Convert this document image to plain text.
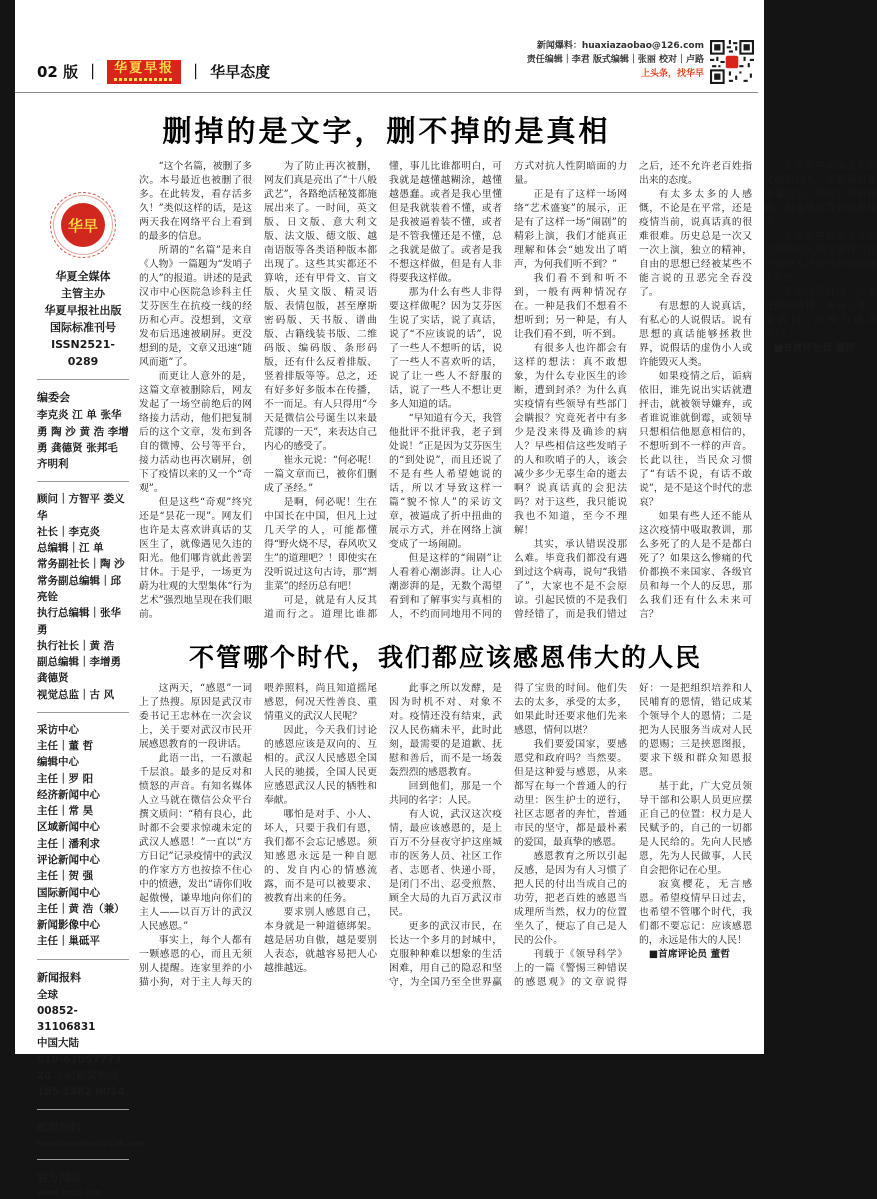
02 版 ｜	华夏早报 ｜ 华早态度
新闻爆料：huaxiazaobao@126.com
责任编辑｜李君 版式编辑｜张丽 校对｜卢路
上头条，找华早
删掉的是文字，删不掉的是真相
华早
华夏全媒体
主管主办
华夏早报社出版
国际标准刊号
ISSN2521-0289
编委会
李克炎 江 单 张华勇 陶 沙 黄 浩 李增勇 龚德贤 张邦毛 齐明利
顾问｜方智平 娄义华
社长｜李克炎
总编辑｜江 单
常务副社长｜陶 沙
常务副总编辑｜邱亮铨
执行总编辑｜张华勇
执行社长｜黄 浩
副总编辑｜李增勇 龚德贤
视觉总监｜古 风
采访中心
主任｜董 哲
编辑中心
主任｜罗 阳
经济新闻中心
主任｜常 昊
区域新闻中心
主任｜潘利求
评论新闻中心
主任｜贺 强
国际新闻中心
主任｜黄 浩（兼）
新闻影像中心
主任｜巢砥平
新闻报料
全球
00852-31106831
中国大陆
010-61057773
24 小时新闻热线
185 1382 0014
邮箱报料
huaxiazaobao@126.com
官方网站
www.hxzb.org

“这个名篇，被删了多次。本号最近也被删了很多。在此转发，看存活多久！”类似这样的话，是这两天我在网络平台上看到的最多的信息。

所谓的“名篇”是来自《人物》一篇题为“发哨子的人”的报道。讲述的是武汉市中心医院急诊科主任艾芬医生在抗疫一线的经历和心声。没想到，文章发布后迅速被刷屏。更没想到的是，文章又迅速“随风而逝”了。

而更让人意外的是，这篇文章被删除后，网友发起了一场空前绝后的网络接力活动，他们把复制后的这个文章，发布到各自的微博、公号等平台，接力活动也再次刷屏，创下了疫情以来的又一个“奇观”。

但是这些“奇观”终究还是“昙花一现”。网友们也许是太喜欢讲真话的艾医生了，就像遇见久违的阳光。他们哪肯就此善罢甘休。于是乎，一场更为蔚为壮观的大型集体“行为艺术”强烈地呈现在我们眼前。

为了防止再次被删，网友们真是亮出了“十八般武艺”，各路绝活秘笈都施展出来了。一时间，英文版、日文版、意大利文版、法文版、德文版、越南语版等各类语种版本都出现了。这些其实都还不算啥，还有甲骨文、盲文版、火星文版、精灵语版、表情包版，甚至摩斯密码版、天书版、谱曲版、古籍线装书版、二维码版、编码版、条形码版，还有什么反着排版、竖着排版等等。总之，还有好多好多版本在传播，不一而足。有人只得用“今天是微信公号诞生以来最荒谬的一天”，来表达自己内心的感受了。

崔永元说：“何必呢！一篇文章而已，被你们删成了圣经。”

是啊，何必呢！生在中国长在中国，但凡上过几天学的人，可能都懂得“野火烧不尽，春风吹又生”的道理吧？！即使实在没听说过这句古诗，那“割韭菜”的经历总有吧！

可是，就是有人反其道而行之。道理比谁都懂，事儿比谁都明白，可我就是越懂越糊涂，越懂越愚蠢。或者是我心里懂但是我就装着不懂，或者是我被逼着装不懂，或者是不管我懂还是不懂，总之我就是做了。或者是我不想这样做，但是有人非得要我这样做。

那为什么有些人非得要这样做呢？因为艾芬医生说了实话，说了真话，说了“不应该说的话”，说了一些人不想听的话，说了一些人不喜欢听的话，说了让一些人不舒服的话，说了一些人不想让更多人知道的话。

“早知道有今天，我管他批评不批评我，老子到处说！”正是因为艾芬医生的“到处说”，而且还说了不是有些人希望她说的话，所以才导致这样一篇“貌不惊人”的采访文章，被逼成了折中扭曲的展示方式，并在网络上演变成了一场闹剧。

但是这样的“闹剧”让人看着心潮澎湃。让人心潮澎湃的是，无数个渴望看到和了解事实与真相的人，不约而同地用不同的方式对抗人性阴暗面的力量。

正是有了这样一场网络“艺术盛宴”的展示，正是有了这样一场“闹剧”的精彩上演，我们才能真正理解和体会“她发出了哨声，为何我们听不到？”

我们看不到和听不到，一般有两种情况存在。一种是我们不想看不想听到；另一种是，有人让我们看不到，听不到。

有很多人也许都会有这样的想法：真不敢想象，为什么专业医生的诊断，遭到封杀？为什么真实疫情有些领导有些部门会瞒报？究竟死者中有多少是没来得及确诊的病人？早些相信这些发哨子的人和吹哨子的人，该会减少多少无辜生命的逝去啊？说真话真的会犯法吗？对于这些，我只能说我也不知道，至今不理解！

其实，承认错误没那么难。毕竟我们都没有遇到过这个病毒，说句“我错了”，大家也不是不会原谅。引起民愤的不是我们曾经错了，而是我们错过之后，还不允许老百姓指出来的态度。

有太多太多的人感慨，不论是在平常，还是疫情当前，说真话真的很难很难。历史总是一次又一次上演，独立的精神，自由的思想已经被某些不能言说的丑恶完全吞没了。

有思想的人说真话，有私心的人说假话。说有思想的真话能够拯救世界，说假话的虚伪小人或许能毁灭人类。

如果疫情之后，诟病依旧，谁先说出实话就遭抨击，就被领导嫌弃，或者谁说谁就倒霉，或领导只想相信他愿意相信的，不想听到不一样的声音。长此以往，当民众习惯了“有话不说，有话不敢说”，是不是这个时代的悲哀？

如果有些人还不能从这次疫情中吸取教训，那么多死了的人是不是都白死了？如果这么惨痛的代价都换不来国家、各级官员和每一个人的反思，那么我们还有什么未来可言？

希望那些动辄就去删文删帖的人，不要再以正能量之名，漠视亡者的伤痛，掩盖事实背后的真相了！

希望那些惯常专注删文删帖的人把主要精力用在带领人民消灭新冠病毒上来吧！

希望经历过这一次新冠肺炎疫情，所有人都不要再问“丧钟为谁而鸣”了！

■首席评论员 董哲

不管哪个时代，我们都应该感恩伟大的人民

这两天，“感恩”一词上了热搜。原因是武汉市委书记王忠林在一次会议上，关于要对武汉市民开展感恩教育的一段讲话。

此语一出，一石激起千层浪。最多的是反对和愤怒的声音。有知名媒体人立马就在微信公众平台撰文质问：“稍有良心，此时都不会要求惊魂未定的武汉人感恩！”一直以“方方日记”记录疫情中的武汉的作家方方也按捺不住心中的愤懑，发出“请你们收起傲慢，谦卑地向你们的主人——以百万计的武汉人民感恩。”

事实上，每个人都有一颗感恩的心，而且无须别人提醒。连家里养的小猫小狗，对于主人每天的喂养照料，尚且知道摇尾感恩，何况天性善良、重情重义的武汉人民呢？

因此，今天我们讨论的感恩应该是双向的、互相的。武汉人民感恩全国人民的驰援，全国人民更应感恩武汉人民的牺牲和奉献。

哪怕是对手、小人、坏人，只要于我们有恩，我们都不会忘记感恩。须知感恩永远是一种自愿的、发自内心的情感流露，而不是可以被要求、被教育出来的任务。

要求别人感恩自己，本身就是一种道德绑架。越是居功自傲，越是要别人表态，就越容易把人心越推越远。

此事之所以发酵，是因为时机不对、对象不对。疫情还没有结束，武汉人民伤痛未平，此时此刻，最需要的是道歉、抚慰和善后，而不是一场轰轰烈烈的感恩教育。

回到他们，那是一个共同的名字：人民。

有人说，武汉这次疫情，最应该感恩的，是上百万不分昼夜守护这座城市的医务人员、社区工作者、志愿者、快递小哥，是闭门不出、忍受煎熬、顾全大局的九百万武汉市民。

更多的武汉市民，在长达一个多月的封城中，克服种种难以想象的生活困难，用自己的隐忍和坚守，为全国乃至全世界赢得了宝贵的时间。他们失去的太多，承受的太多，如果此时还要求他们先来感恩，情何以堪？

我们要爱国家，要感恩党和政府吗？当然要。但是这种爱与感恩，从来都写在每一个普通人的行动里：医生护士的逆行，社区志愿者的奔忙，普通市民的坚守，都是最朴素的爱国，最真挚的感恩。

感恩教育之所以引起反感，是因为有人习惯了把人民的付出当成自己的功劳，把老百姓的感恩当成理所当然，权力的位置坐久了，便忘了自己是人民的公仆。

刊载于《领导科学》上的一篇《警惕三种错误的感恩观》的文章说得好：一是把组织培养和人民哺育的恩情，错记成某个领导个人的恩情；二是把为人民服务当成对人民的恩赐；三是挟恩图报，要求下级和群众知恩报恩。

基于此，广大党员领导干部和公职人员更应摆正自己的位置：权力是人民赋予的，自己的一切都是人民给的。先向人民感恩，先为人民做事，人民自会把你记在心里。

寂寞樱花，无言感恩。希望疫情早日过去，也希望不管哪个时代，我们都不要忘记：应该感恩的，永远是伟大的人民！

■首席评论员 董哲
